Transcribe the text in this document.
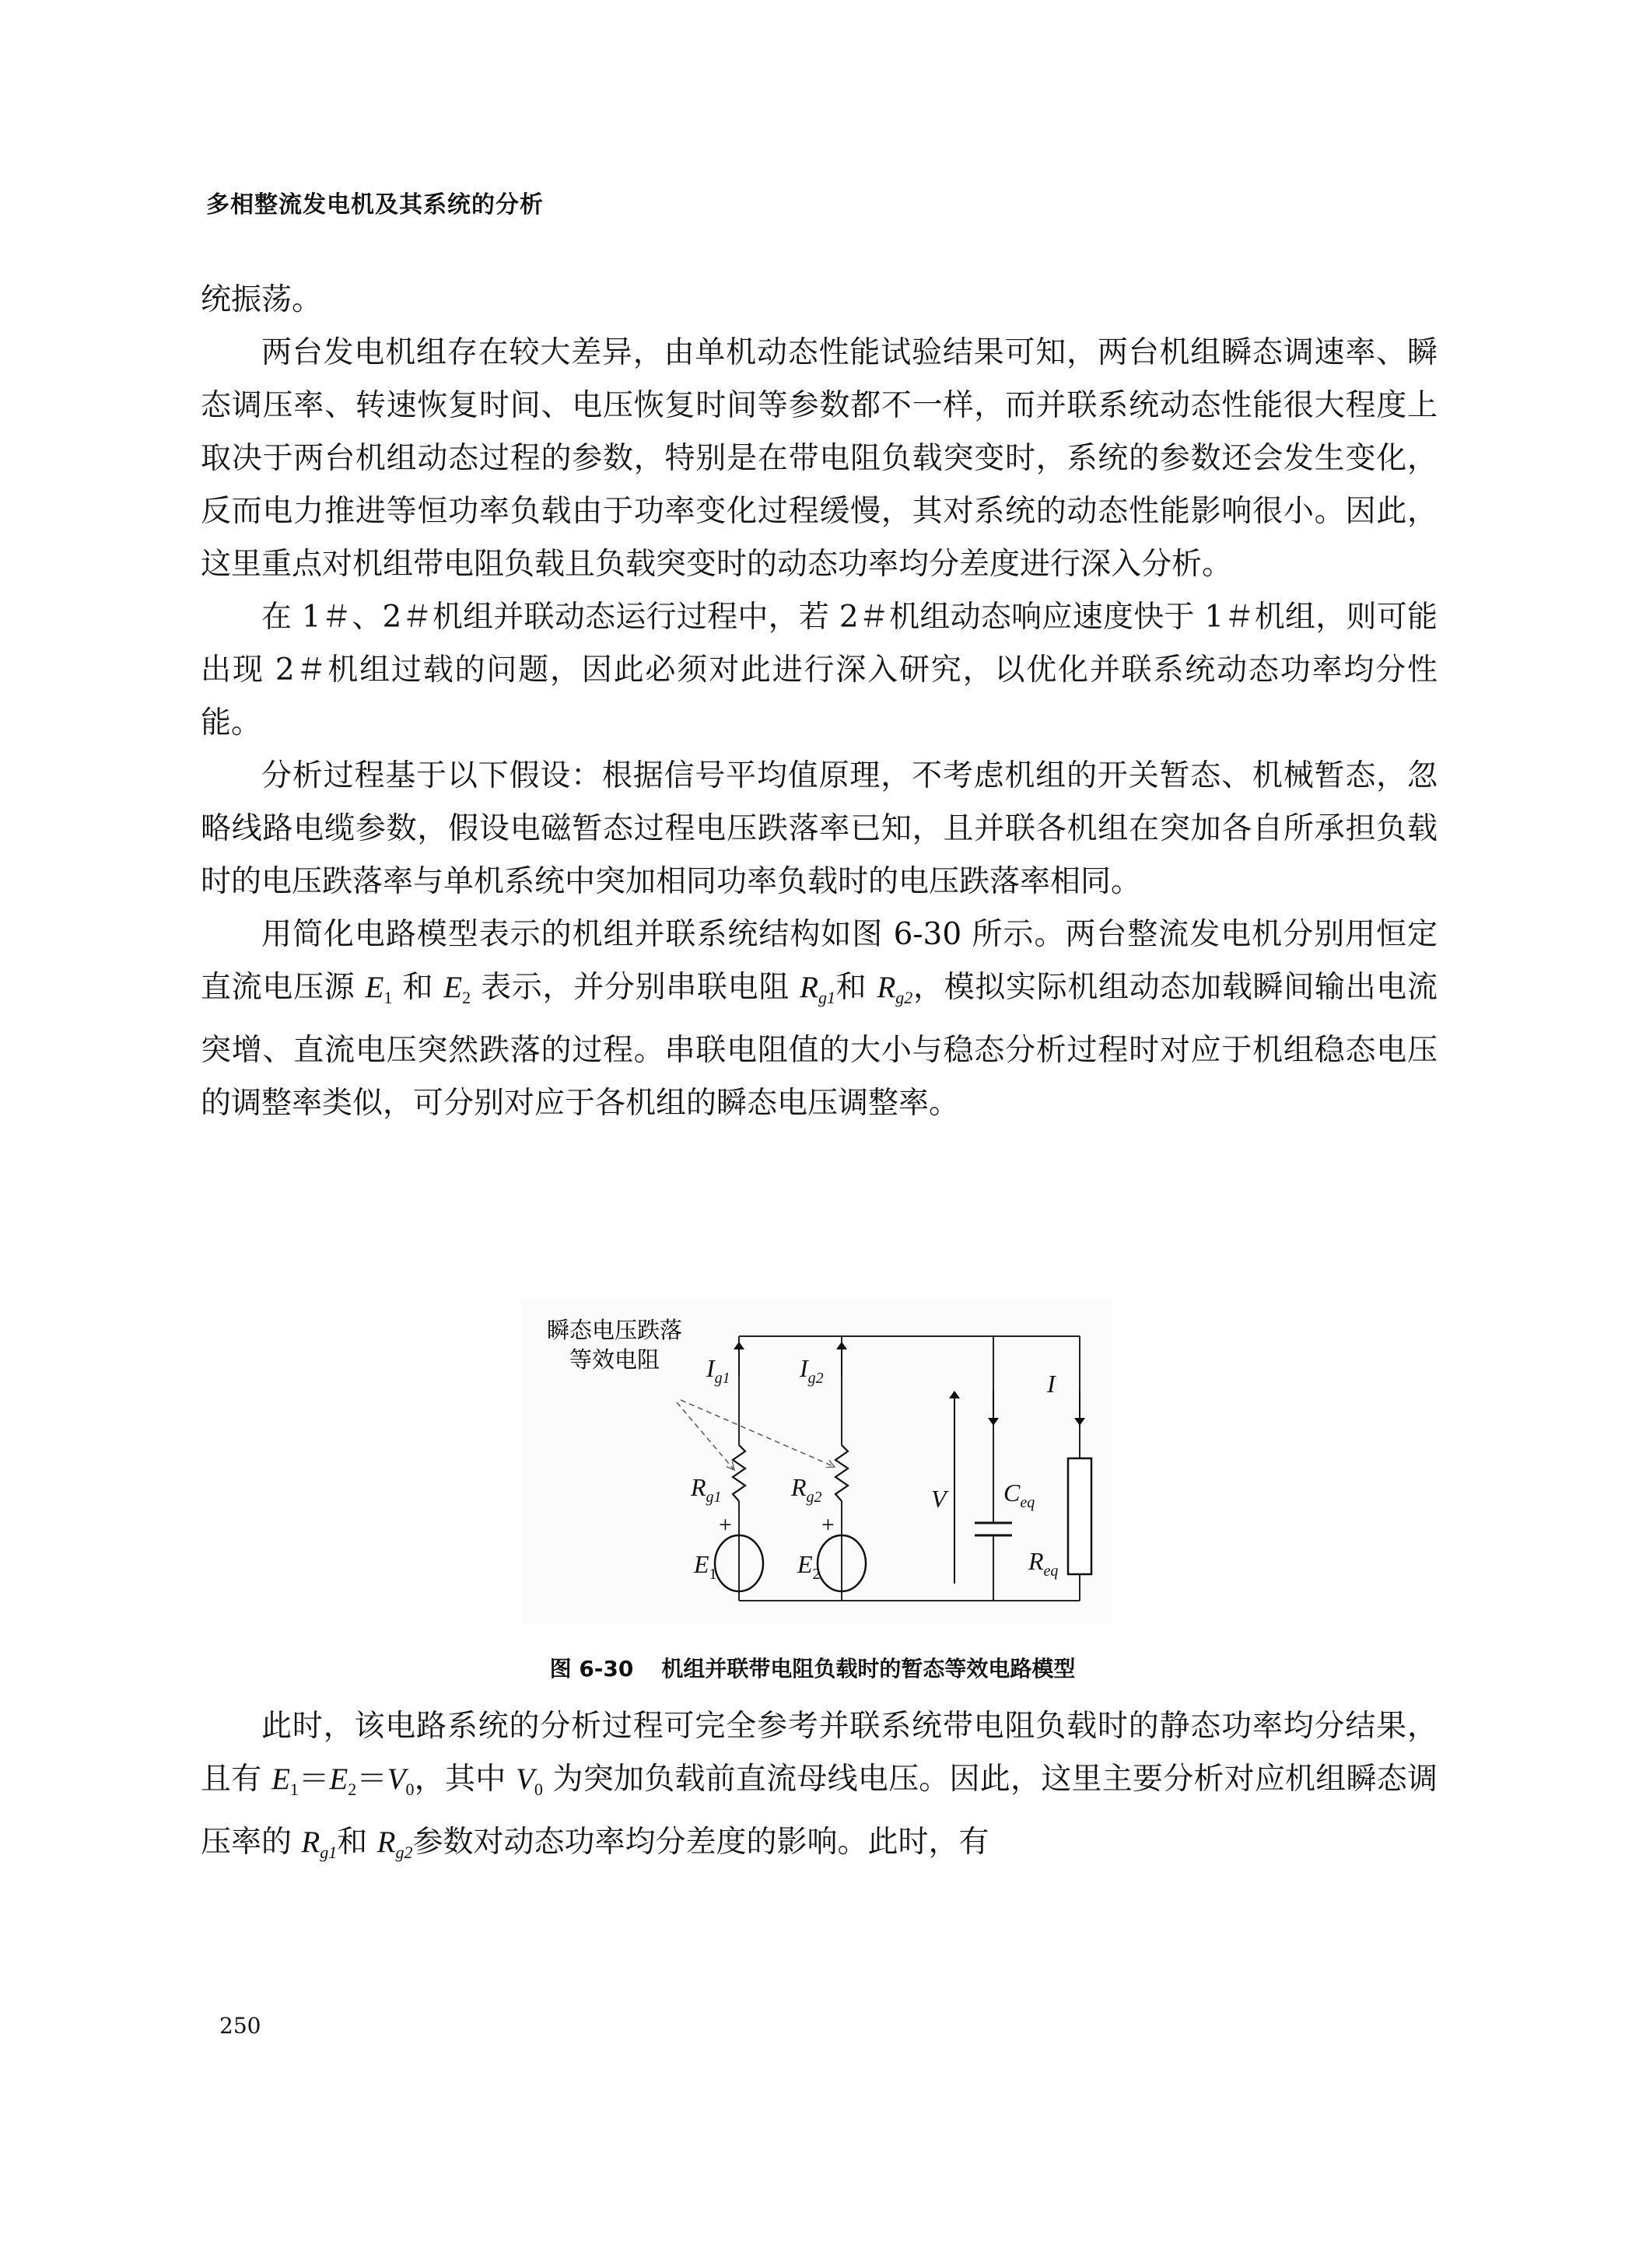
多相整流发电机及其系统的分析

统振荡。

两台发电机组存在较大差异，由单机动态性能试验结果可知，两台机组瞬态调速率、瞬态调压率、转速恢复时间、电压恢复时间等参数都不一样，而并联系统动态性能很大程度上取决于两台机组动态过程的参数，特别是在带电阻负载突变时，系统的参数还会发生变化，反而电力推进等恒功率负载由于功率变化过程缓慢，其对系统的动态性能影响很小。因此，这里重点对机组带电阻负载且负载突变时的动态功率均分差度进行深入分析。

在 1＃、2＃机组并联动态运行过程中，若 2＃机组动态响应速度快于 1＃机组，则可能出现 2＃机组过载的问题，因此必须对此进行深入研究，以优化并联系统动态功率均分性能。

分析过程基于以下假设：根据信号平均值原理，不考虑机组的开关暂态、机械暂态，忽略线路电缆参数，假设电磁暂态过程电压跌落率已知，且并联各机组在突加各自所承担负载时的电压跌落率与单机系统中突加相同功率负载时的电压跌落率相同。

用简化电路模型表示的机组并联系统结构如图 6-30 所示。两台整流发电机分别用恒定直流电压源 $E_1$ 和 $E_2$ 表示，并分别串联电阻 $R_{g1}$和 $R_{g2}$，模拟实际机组动态加载瞬间输出电流突增、直流电压突然跌落的过程。串联电阻值的大小与稳态分析过程时对应于机组稳态电压的调整率类似，可分别对应于各机组的瞬态电压调整率。

瞬态电压跌落
等效电阻 $I_{g1}$	$I_{g2}$	I
$R_{g1}$	$R_{g2}$	V $C_{eq}$
$R_{eq}$
$E_1$	$E_2$
+	+
图 6-30 机组并联带电阻负载时的暂态等效电路模型

此时，该电路系统的分析过程可完全参考并联系统带电阻负载时的静态功率均分结果，且有 $E_1=E_2=V_0$，其中 $V_0$ 为突加负载前直流母线电压。因此，这里主要分析对应机组瞬态调压率的 $R_{g1}$和 $R_{g2}$参数对动态功率均分差度的影响。此时，有

250
